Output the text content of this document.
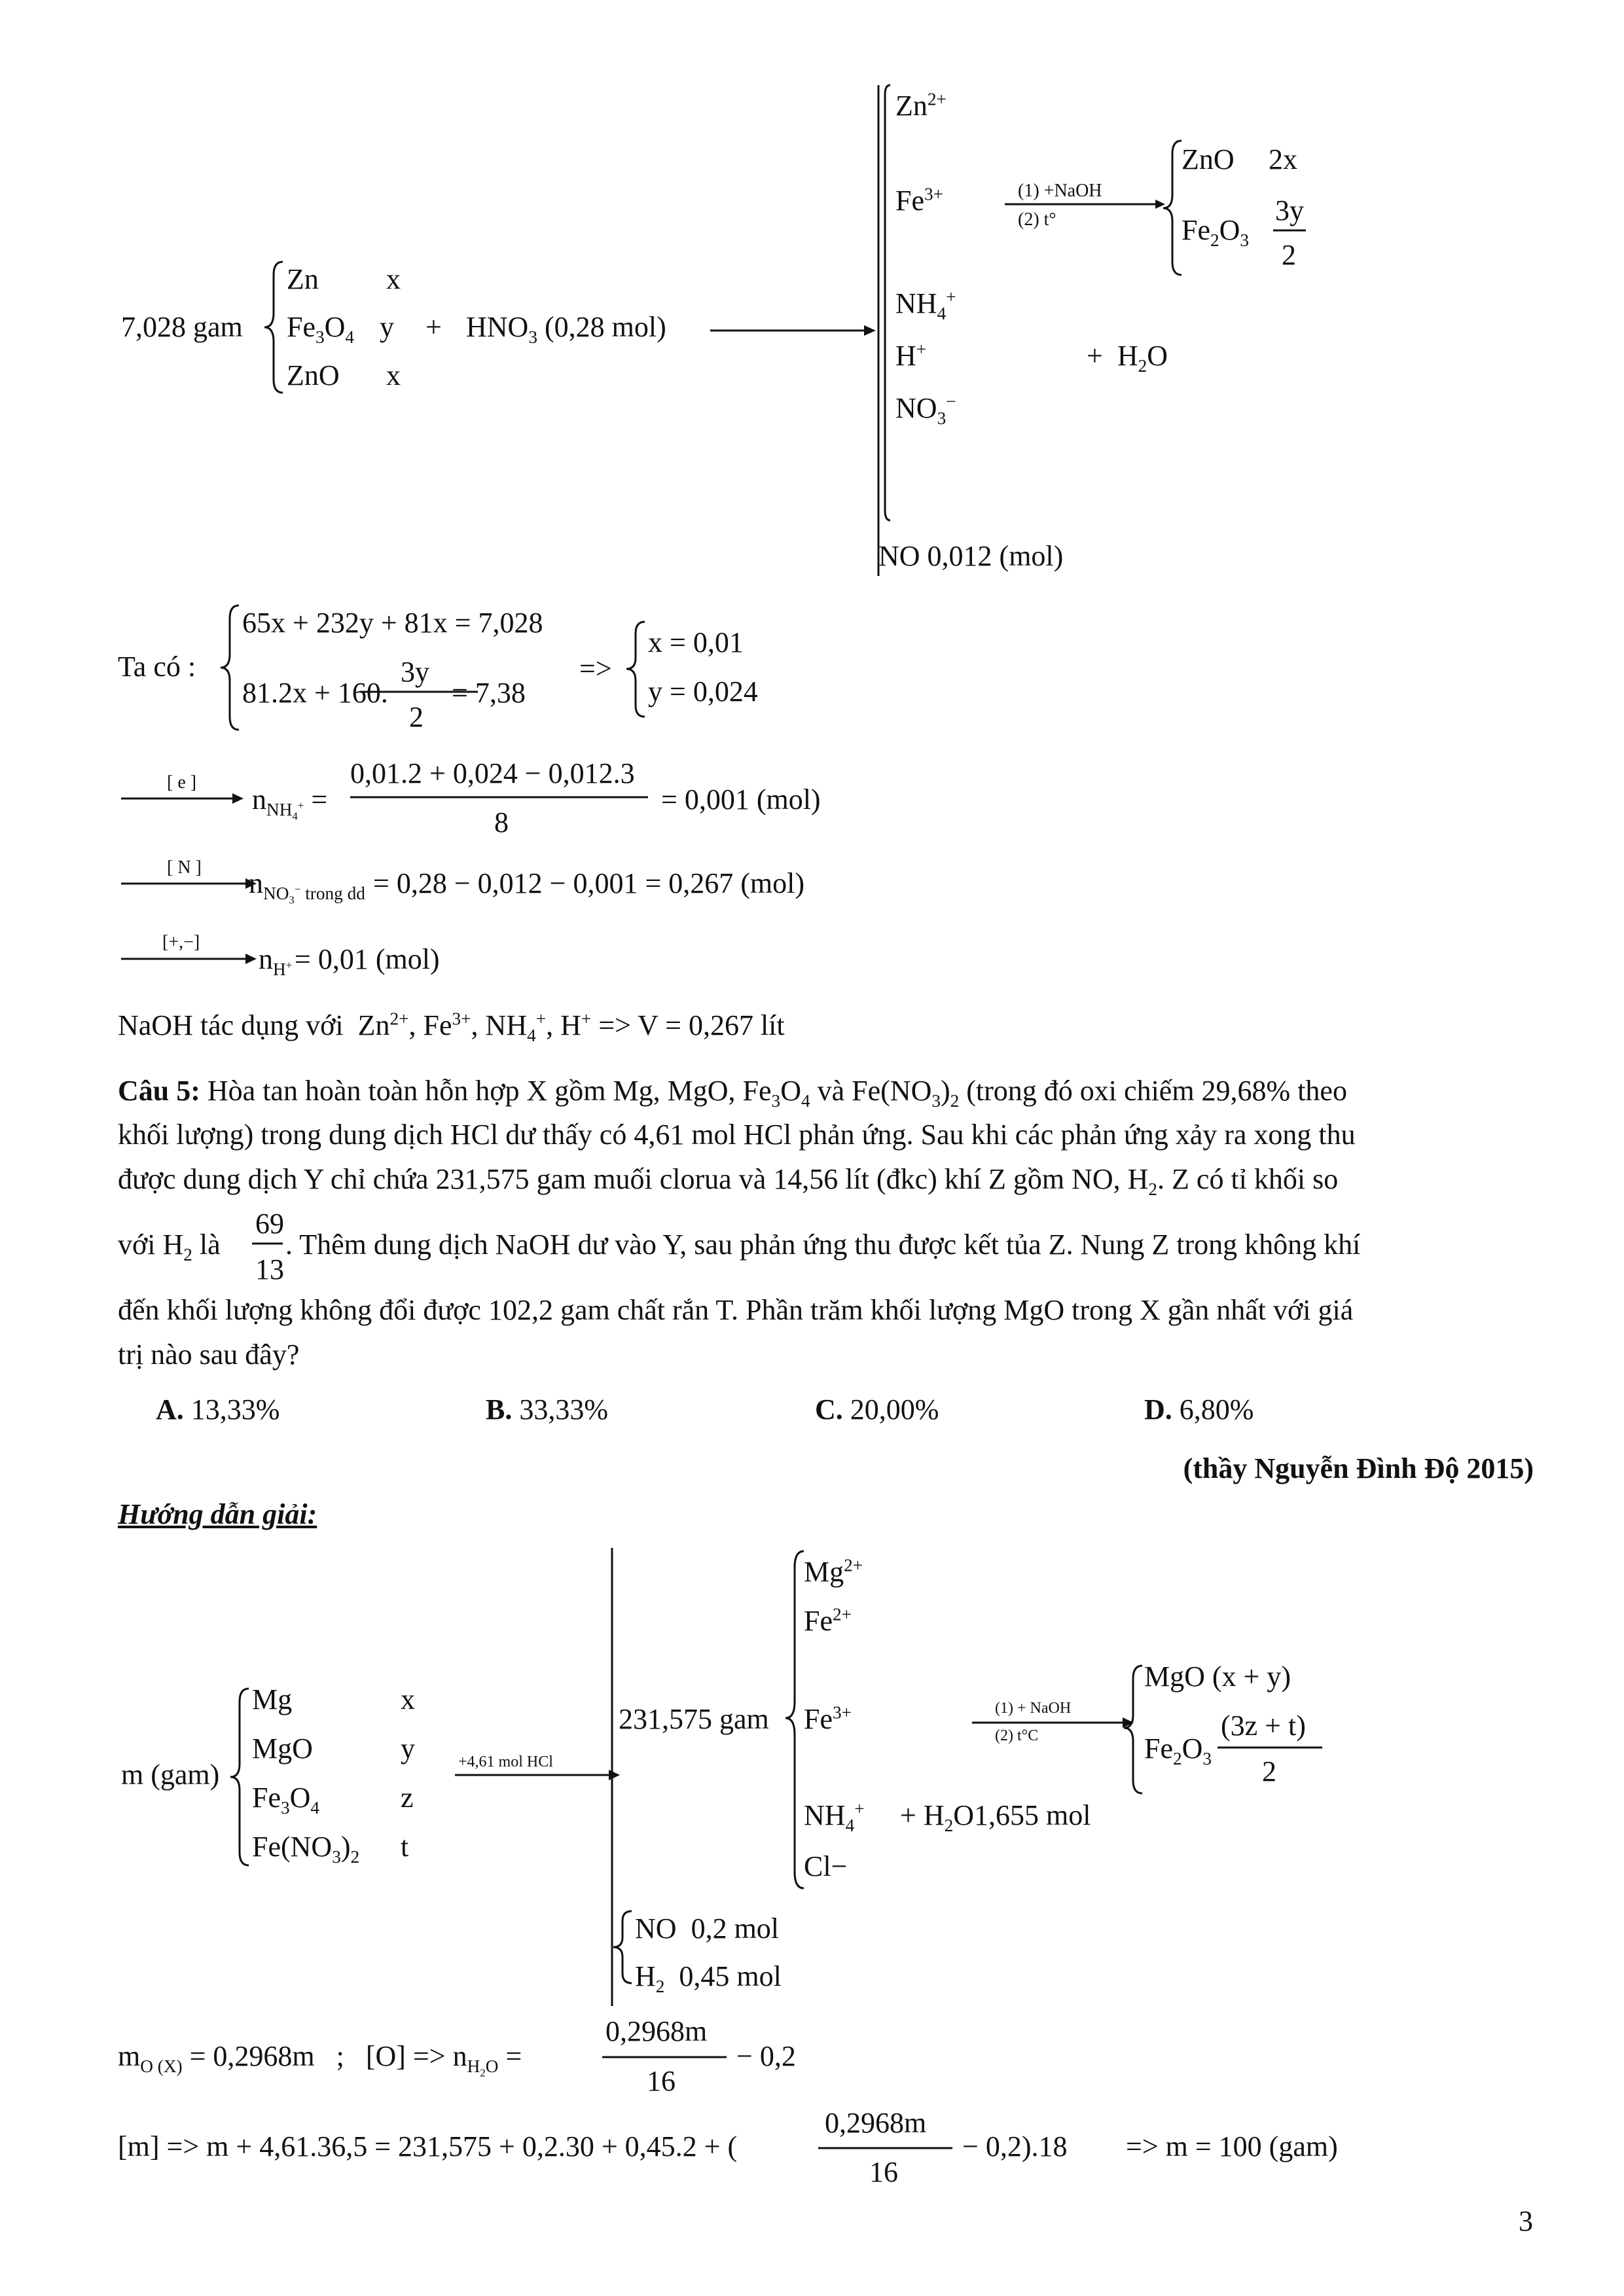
7,028 gam
Zn x
$Fe_3O_4$ y +
ZnO x
$HNO_3$ (0,28 mol)
$Zn^{2+}$
$Fe^{3+}$
$NH_4^+$
H+
$NO_3^-$
+  $H_2O$
NO 0,012 (mol)
(1) +NaOH
(2) t°
ZnO 2x
$Fe_2O_3$
3y
2
Ta có :
65x + 232y + 81x = 7,028
81.2x + 160.
3y
2
= 7,38
=>
x = 0,01
y = 0,024
[ e ]
$n_{NH_4^+}$ =
0,01.2 + 0,024 − 0,012.3
8
= 0,001 (mol)
[ N ] $n_{NO_3^- trong dd} = 0,28 - 0,012 - 0,001 = 0,267$ (mol)
[+,−]
$n_{H^+} = 0,01$ (mol)
NaOH tác dụng với  $Zn^{2+}$, $Fe^{3+}$, $NH_4^+$, H+ => V = 0,267 lít
Câu 5: Hòa tan hoàn toàn hỗn hợp X gồm Mg, MgO, $Fe_3O_4$ và $Fe(NO_3)_2$ (trong đó oxi chiếm 29,68% theo
khối lượng) trong dung dịch HCl dư thấy có 4,61 mol HCl phản ứng. Sau khi các phản ứng xảy ra xong thu
được dung dịch Y chỉ chứa 231,575 gam muối clorua và 14,56 lít (đkc) khí Z gồm NO, $H_2$. Z có tỉ khối so
với $H_2$ là
69
13
. Thêm dung dịch NaOH dư vào Y, sau phản ứng thu được kết tủa Z. Nung Z trong không khí
đến khối lượng không đổi được 102,2 gam chất rắn T. Phần trăm khối lượng MgO trong X gần nhất với giá
trị nào sau đây?
A. 13,33%	B. 33,33%	C. 20,00%	D. 6,80%
(thầy Nguyễn Đình Độ 2015)
Hướng dẫn giải:
m (gam)
Mg	x
MgO	y
$Fe_3O_4$	z
$Fe(NO_3)_2$ t
+4,61 mol HCl
231,575 gam
$Mg^{2+}$
$Fe^{2+}$
$Fe^{3+}$
$NH_4^+ + H_2O1,655$ mol
Cl−
(1) + NaOH
(2) t°C
MgO (x + y)
$Fe_2O_3$
(3z + t)
2
NO 0,2 mol
$H_2$  0,45 mol
$m_{O (X)} = 0,2968m$   ;   $[O] => n_{H_2O}$ =
0,2968m
16
− 0,2
[m] => m + 4,61.36,5 = 231,575 + 0,2.30 + 0,45.2 + (
0,2968m
16
− 0,2).18 => m = 100 (gam)
3
